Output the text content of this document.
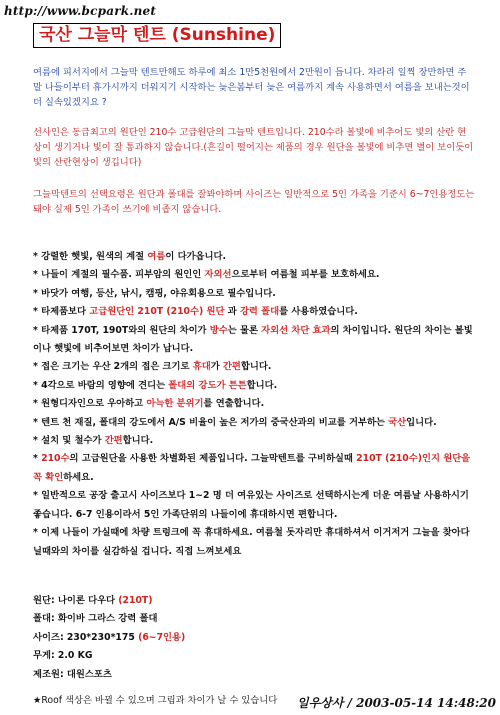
http://www.bcpark.net
국산 그늘막 텐트 (Sunshine)

여름에 피서지에서 그늘막 텐트만해도 하루에 최소 1만5천원에서 2만원이 듭니다. 차라리 일찍 장만하면 주말 나들이부터 휴가시까지 더워지기 시작하는 늦은봄부터 늦은 여름까지 계속 사용하면서 여름을 보내는것이 더 실속있겠지요 ?

선사인은 동급최고의 원단인 210수 고급원단의 그늘막 텐트입니다. 210수라 볼빛에 비추어도 빛의 산란 현상이 생기거나 빛이 잘 통과하지 않습니다.(흔길이 떨어지는 제품의 경우 원단을 볼빛에 비추면 별이 보이듯이 빛의 산란현상이 생깁니다)

그늘막텐트의 선택요령은 원단과 폴대를 잘봐야하며 사이즈는 일반적으로 5인 가족을 기준시 6~7인용정도는 돼야 실제 5인 가족이 쓰기에 비좁지 않습니다.

* 강렬한 햇빛, 원색의 계절 여름이 다가옵니다.
* 나들이 계절의 필수품. 피부암의 원인인 자외선으로부터 여름철 피부를 보호하세요.
* 바닷가 여행, 등산, 낚시, 캠핑, 야유회용으로 필수입니다.
* 타제품보다 고급원단인 210T (210수) 원단 과 강력 폴대를 사용하였습니다.
* 타제품 170T, 190T와의 원단의 차이가 방수는 물론 자외선 차단 효과의 차이입니다. 원단의 차이는 볼빛이나 햇빛에 비추어보면 차이가 납니다.
* 접은 크기는 우산 2개의 접은 크기로 휴대가 간편합니다.
* 4각으로 바람의 영향에 견디는 폴대의 강도가 튼튼합니다.
* 원형디자인으로 우아하고 아늑한 분위기를 연출합니다.
* 텐트 천 재질, 폴대의 강도에서 A/S 비율이 높은 저가의 중국산과의 비교를 거부하는 국산입니다.
* 설치 및 철수가 간편합니다.
* 210수의 고급원단을 사용한 차별화된 제품입니다. 그늘막텐트를 구비하실때 210T (210수)인지 원단을 꼭 확인하세요.
* 일반적으로 공장 출고시 사이즈보다 1~2 명 더 여유있는 사이즈로 선택하시는게 더운 여름날 사용하시기 좋습니다. 6-7 인용이라서 5인 가족단위의 나들이에 휴대하시면 편합니다.
* 이제 나들이 가실때에 차량 트렁크에 꼭 휴대하세요. 여름철 돗자리만 휴대하셔서 이거저거 그늘을 찾아다닐때와의 차이를 실감하실 겁니다. 직접 느껴보세요
원단: 나이론 다우다 (210T)
폴대: 화이바 그라스 강력 폴대
사이즈: 230*230*175 (6~7인용)
무게: 2.0 KG
제조원: 대원스포츠
★Roof 색상은 바뀔 수 있으며 그림과 차이가 날 수 있습니다 일우상사 / 2003-05-14 14:48:20
